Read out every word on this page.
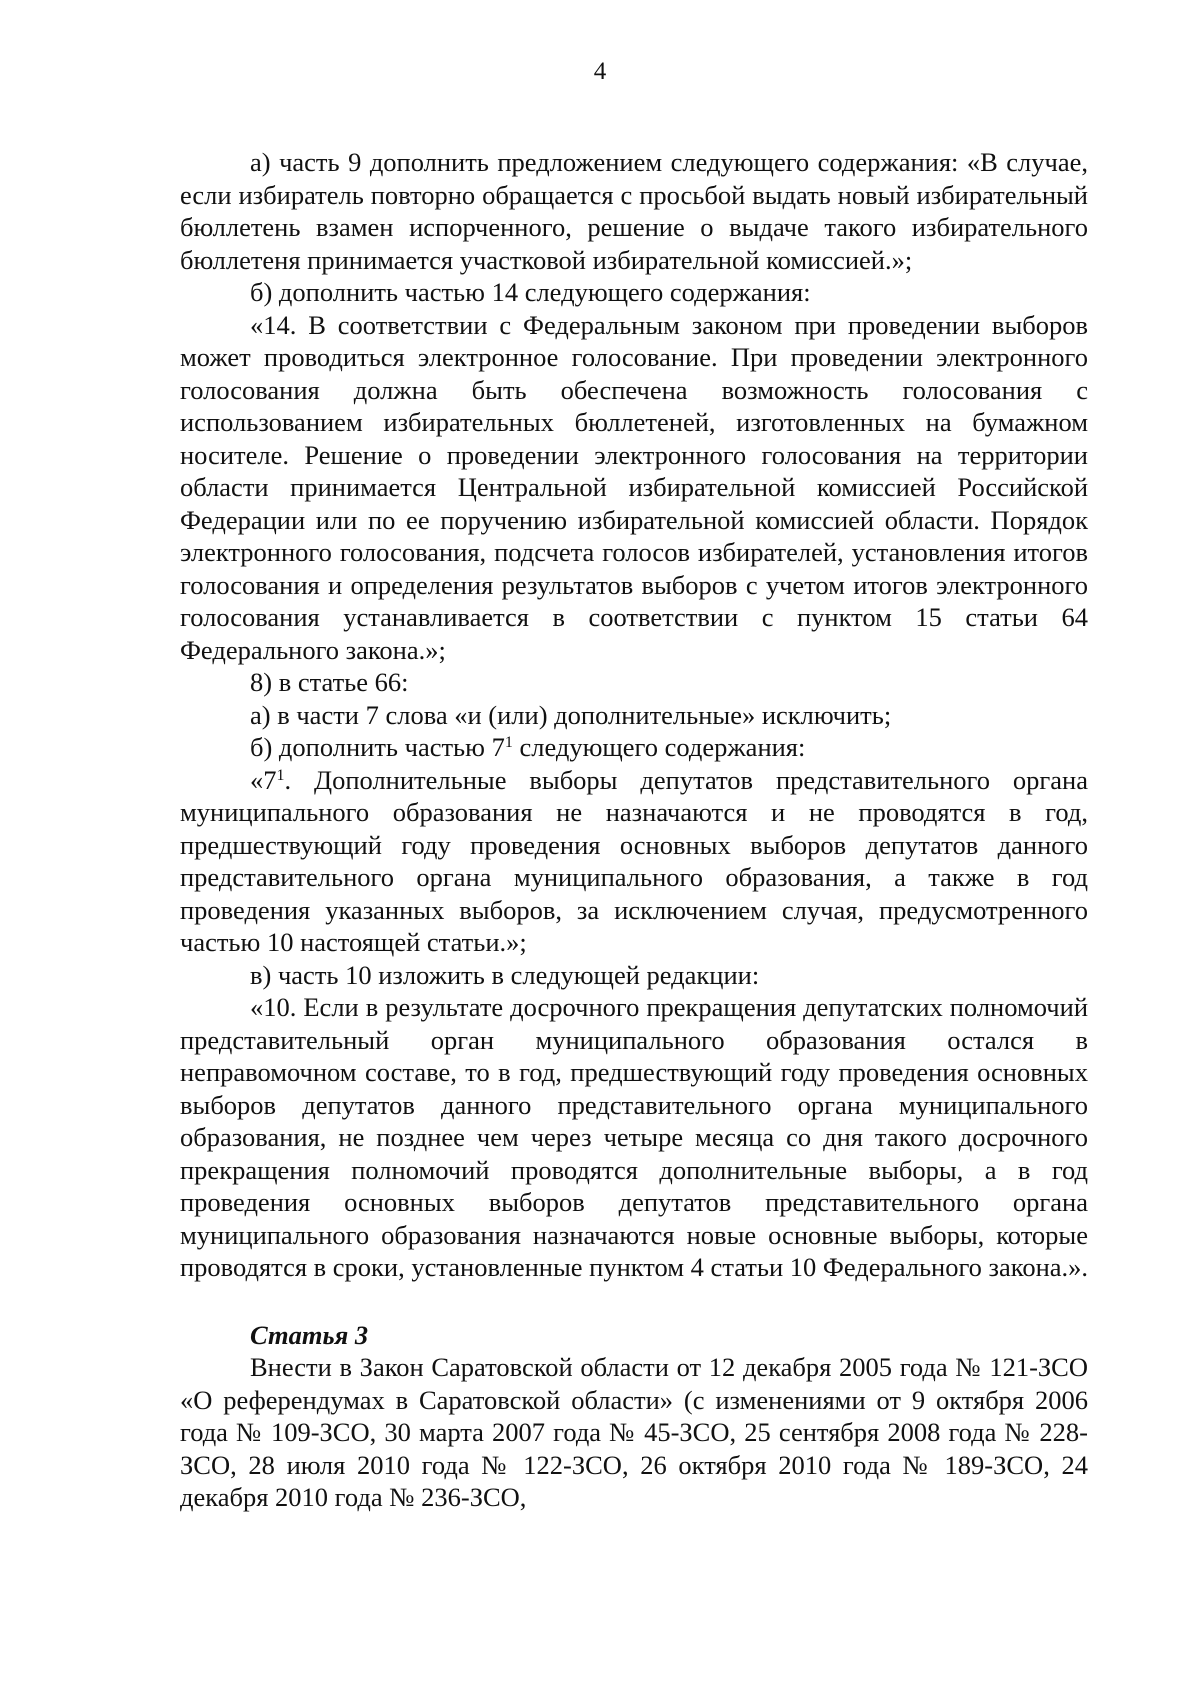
4

а) часть 9 дополнить предложением следующего содержания: «В случае, если избиратель повторно обращается с просьбой выдать новый избирательный бюллетень взамен испорченного, решение о выдаче такого избирательного бюллетеня принимается участковой избирательной комиссией.»;

б) дополнить частью 14 следующего содержания:

«14. В соответствии с Федеральным законом при проведении выборов может проводиться электронное голосование. При проведении электронного голосования должна быть обеспечена возможность голосования с использованием избирательных бюллетеней, изготовленных на бумажном носителе. Решение о проведении электронного голосования на территории области принимается Центральной избирательной комиссией Российской Федерации или по ее поручению избирательной комиссией области. Порядок электронного голосования, подсчета голосов избирателей, установления итогов голосования и определения результатов выборов с учетом итогов электронного голосования устанавливается в соответствии с пунктом 15 статьи 64 Федерального закона.»;

8) в статье 66:

а) в части 7 слова «и (или) дополнительные» исключить;

б) дополнить частью $7^1$ следующего содержания:

«$7^1$. Дополнительные выборы депутатов представительного органа муниципального образования не назначаются и не проводятся в год, предшествующий году проведения основных выборов депутатов данного представительного органа муниципального образования, а также в год проведения указанных выборов, за исключением случая, предусмотренного частью 10 настоящей статьи.»;

в) часть 10 изложить в следующей редакции:

«10. Если в результате досрочного прекращения депутатских полномочий представительный орган муниципального образования остался в неправомочном составе, то в год, предшествующий году проведения основных выборов депутатов данного представительного органа муниципального образования, не позднее чем через четыре месяца со дня такого досрочного прекращения полномочий проводятся дополнительные выборы, а в год проведения основных выборов депутатов представительного органа муниципального образования назначаются новые основные выборы, которые проводятся в сроки, установленные пунктом 4 статьи 10 Федерального закона.».

Статья 3

Внести в Закон Саратовской области от 12 декабря 2005 года № 121-ЗСО «О референдумах в Саратовской области» (с изменениями от 9 октября 2006 года № 109-ЗСО, 30 марта 2007 года № 45-ЗСО, 25 сентября 2008 года № 228-ЗСО, 28 июля 2010 года № 122-ЗСО, 26 октября 2010 года № 189-ЗСО, 24 декабря 2010 года № 236-ЗСО,
